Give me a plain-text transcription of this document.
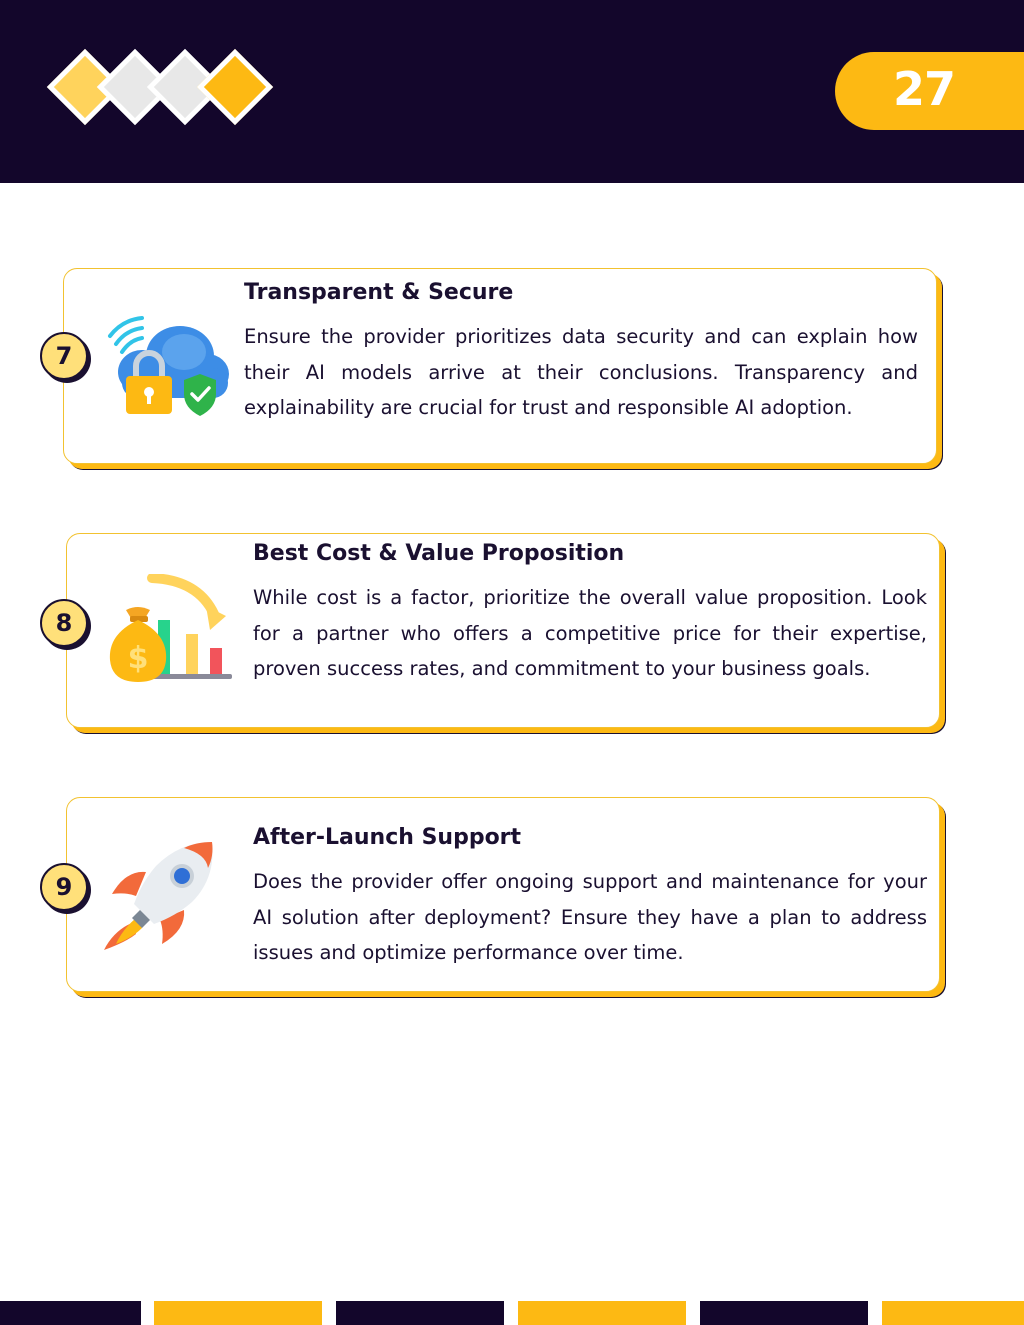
27
7
Transparent & Secure
Ensure the provider prioritizes data security and can explain how their AI models arrive at their conclusions. Transparency and explainability are crucial for trust and responsible AI adoption.
8
$
Best Cost & Value Proposition
While cost is a factor, prioritize the overall value proposition. Look for a partner who offers a competitive price for their expertise, proven success rates, and commitment to your business goals.
9
After-Launch Support
Does the provider offer ongoing support and maintenance for your AI solution after deployment? Ensure they have a plan to address issues and optimize performance over time.
